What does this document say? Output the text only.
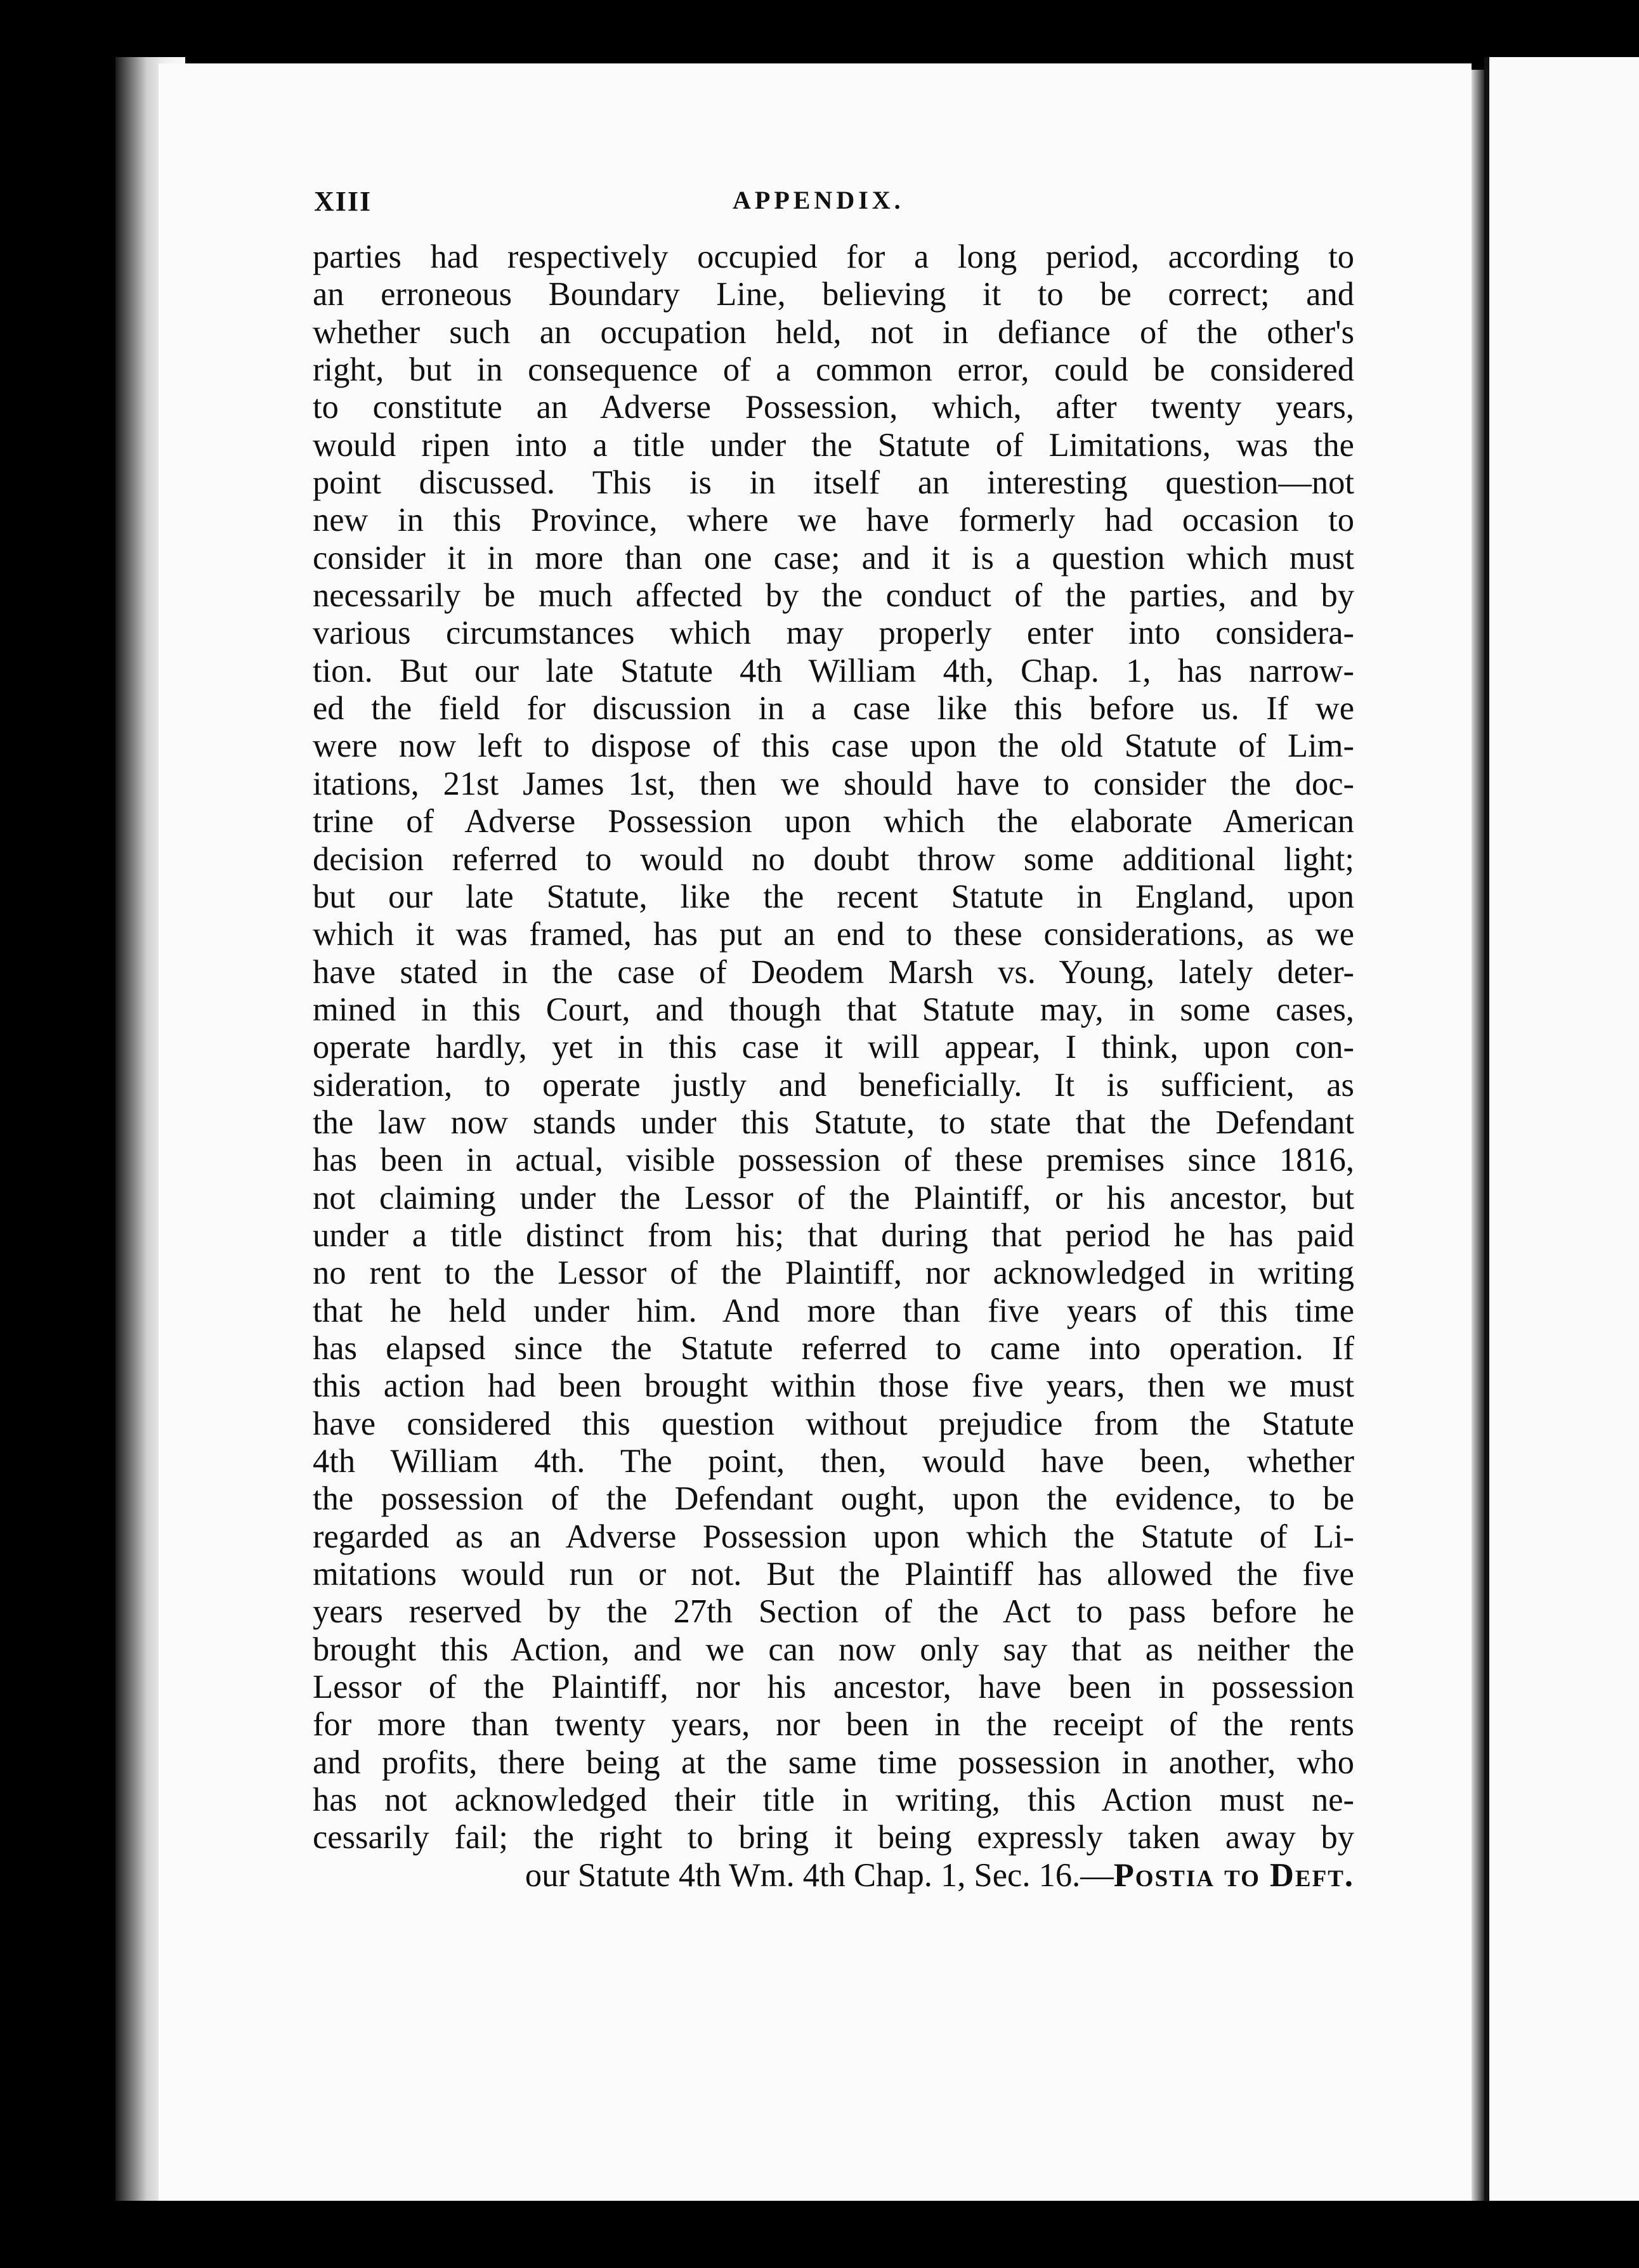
XIII	APPENDIX.
parties had respectively occupied for a long period, according to
an erroneous Boundary Line, believing it to be correct; and
whether such an occupation held, not in defiance of the other's
right, but in consequence of a common error, could be considered
to constitute an Adverse Possession, which, after twenty years,
would ripen into a title under the Statute of Limitations, was the
point discussed. This is in itself an interesting question—not
new in this Province, where we have formerly had occasion to
consider it in more than one case; and it is a question which must
necessarily be much affected by the conduct of the parties, and by
various circumstances which may properly enter into considera-
tion. But our late Statute 4th William 4th, Chap. 1, has narrow-
ed the field for discussion in a case like this before us. If we
were now left to dispose of this case upon the old Statute of Lim-
itations, 21st James 1st, then we should have to consider the doc-
trine of Adverse Possession upon which the elaborate American
decision referred to would no doubt throw some additional light;
but our late Statute, like the recent Statute in England, upon
which it was framed, has put an end to these considerations, as we
have stated in the case of Deodem Marsh vs. Young, lately deter-
mined in this Court, and though that Statute may, in some cases,
operate hardly, yet in this case it will appear, I think, upon con-
sideration, to operate justly and beneficially. It is sufficient, as
the law now stands under this Statute, to state that the Defendant
has been in actual, visible possession of these premises since 1816,
not claiming under the Lessor of the Plaintiff, or his ancestor, but
under a title distinct from his; that during that period he has paid
no rent to the Lessor of the Plaintiff, nor acknowledged in writing
that he held under him. And more than five years of this time
has elapsed since the Statute referred to came into operation. If
this action had been brought within those five years, then we must
have considered this question without prejudice from the Statute
4th William 4th. The point, then, would have been, whether
the possession of the Defendant ought, upon the evidence, to be
regarded as an Adverse Possession upon which the Statute of Li-
mitations would run or not. But the Plaintiff has allowed the five
years reserved by the 27th Section of the Act to pass before he
brought this Action, and we can now only say that as neither the
Lessor of the Plaintiff, nor his ancestor, have been in possession
for more than twenty years, nor been in the receipt of the rents
and profits, there being at the same time possession in another, who
has not acknowledged their title in writing, this Action must ne-
cessarily fail; the right to bring it being expressly taken away by
our Statute 4th Wm. 4th Chap. 1, Sec. 16.—Postia to Deft.
